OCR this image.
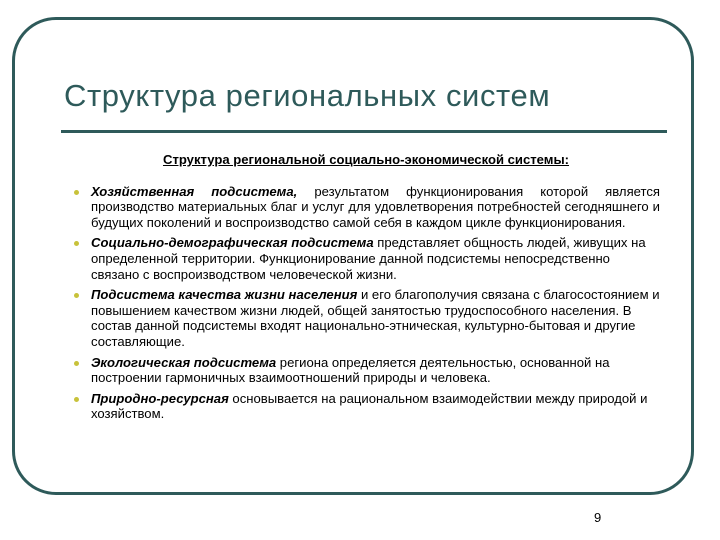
Структура региональных систем
Структура региональной социально-экономической системы:
Хозяйственная подсистема, результатом функционирования которой является производство материальных благ и услуг для удовлетворения потребностей сегодняшнего и будущих поколений и воспроизводство самой себя в каждом цикле функционирования.
Социально-демографическая подсистема представляет общность людей, живущих на определенной территории. Функционирование данной подсистемы непосредственно связано с воспроизводством человеческой жизни.
Подсистема качества жизни населения и его благополучия связана с благосостоянием и повышением качеством жизни людей, общей занятостью трудоспособного населения. В состав данной подсистемы входят национально-этническая, культурно-бытовая и другие составляющие.
Экологическая подсистема региона определяется деятельностью, основанной на построении гармоничных взаимоотношений природы и человека.
Природно-ресурсная основывается на рациональном взаимодействии между природой и хозяйством.
9
